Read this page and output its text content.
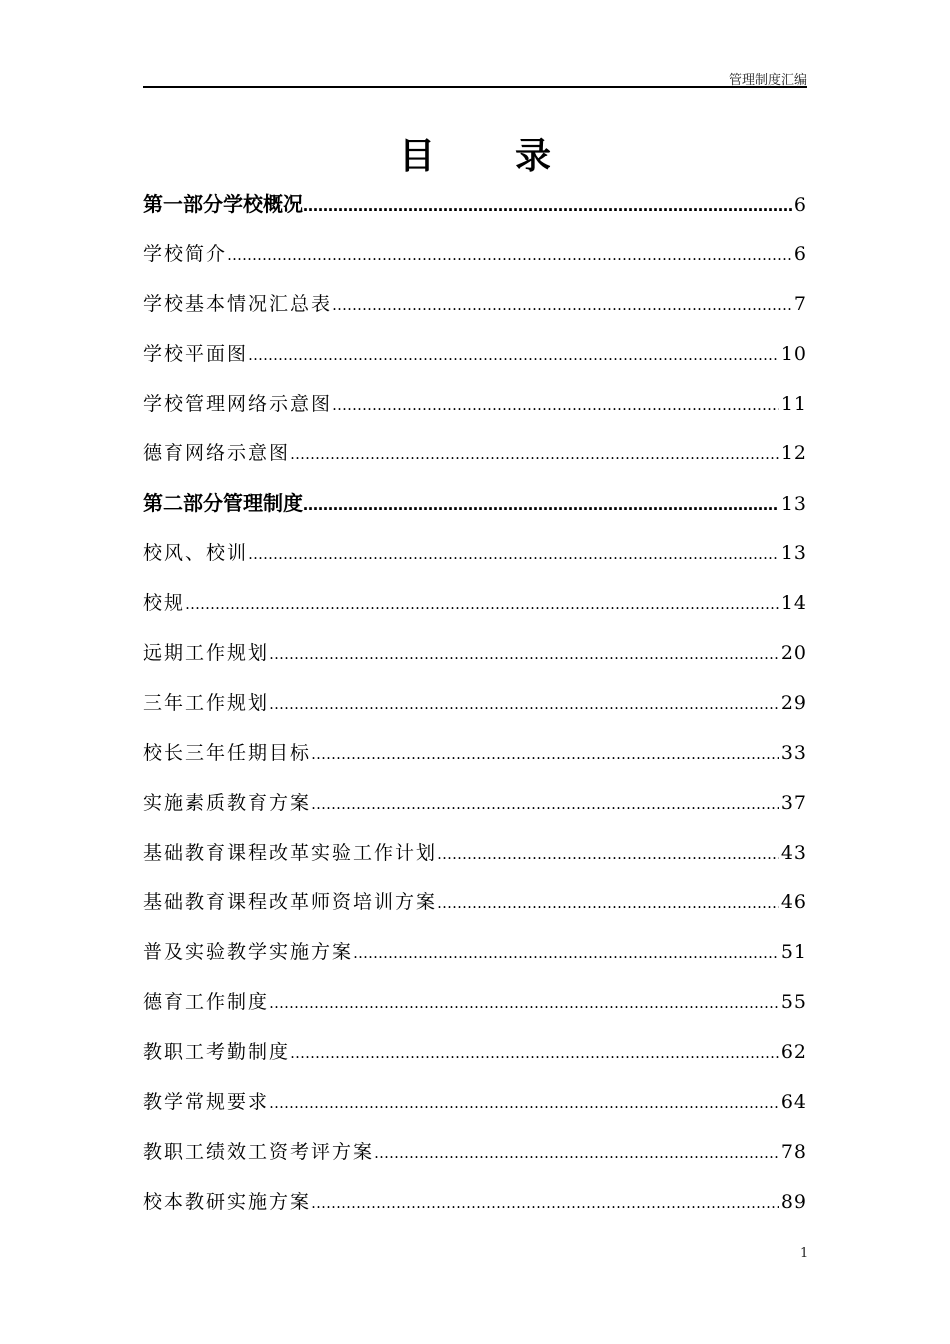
管理制度汇编
目 录
第一部分学校概况 ………………………………………………………………………………………………………………………………	6
学校简介 ………………………………………………………………………………………………………………………………	6
学校基本情况汇总表 ………………………………………………………………………………………………………………………………	7
学校平面图 ………………………………………………………………………………………………………………………………	10
学校管理网络示意图 ………………………………………………………………………………………………………………………………	11
德育网络示意图 ………………………………………………………………………………………………………………………………	12
第二部分管理制度 ………………………………………………………………………………………………………………………………	13
校风、校训 ………………………………………………………………………………………………………………………………	13
校规 ………………………………………………………………………………………………………………………………	14
远期工作规划 ………………………………………………………………………………………………………………………………	20
三年工作规划 ………………………………………………………………………………………………………………………………	29
校长三年任期目标 ………………………………………………………………………………………………………………………………	33
实施素质教育方案 ………………………………………………………………………………………………………………………………	37
基础教育课程改革实验工作计划 ………………………………………………………………………………………………………………………………	43
基础教育课程改革师资培训方案 ………………………………………………………………………………………………………………………………	46
普及实验教学实施方案 ………………………………………………………………………………………………………………………………	51
德育工作制度 ………………………………………………………………………………………………………………………………	55
教职工考勤制度 ………………………………………………………………………………………………………………………………	62
教学常规要求 ………………………………………………………………………………………………………………………………	64
教职工绩效工资考评方案 ………………………………………………………………………………………………………………………………	78
校本教研实施方案 ………………………………………………………………………………………………………………………………	89
1
